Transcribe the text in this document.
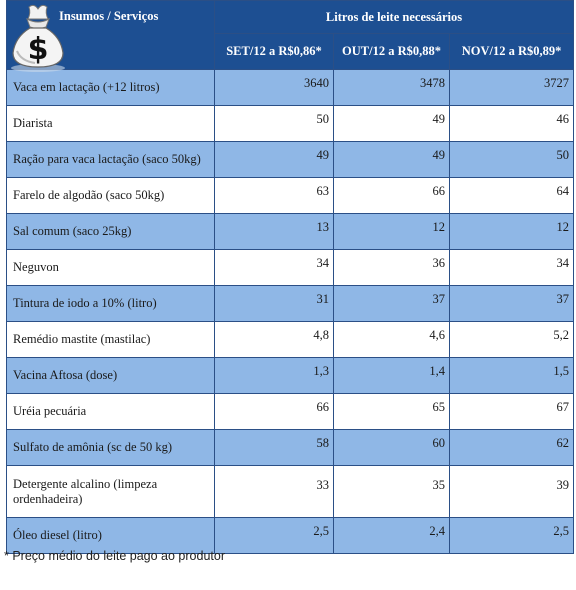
$
Insumos / Serviços	Litros de leite necessários		
	SET/12 a R$0,86*	OUT/12 a R$0,88*	NOV/12 a R$0,89*
Vaca em lactação (+12 litros)	3640	3478	3727
Diarista	50	49	46
Ração para vaca lactação (saco 50kg)	49	49	50
Farelo de algodão (saco 50kg)	63	66	64
Sal comum (saco 25kg)	13	12	12
Neguvon	34	36	34
Tintura de iodo a 10% (litro)	31	37	37
Remédio mastite (mastilac)	4,8	4,6	5,2
Vacina Aftosa (dose)	1,3	1,4	1,5
Uréia pecuária	66	65	67
Sulfato de amônia (sc de 50 kg)	58	60	62
Detergente alcalino (limpeza ordenhadeira)	33	35	39
Óleo diesel (litro)	2,5	2,4	2,5
* Preço médio do leite pago ao produtor
